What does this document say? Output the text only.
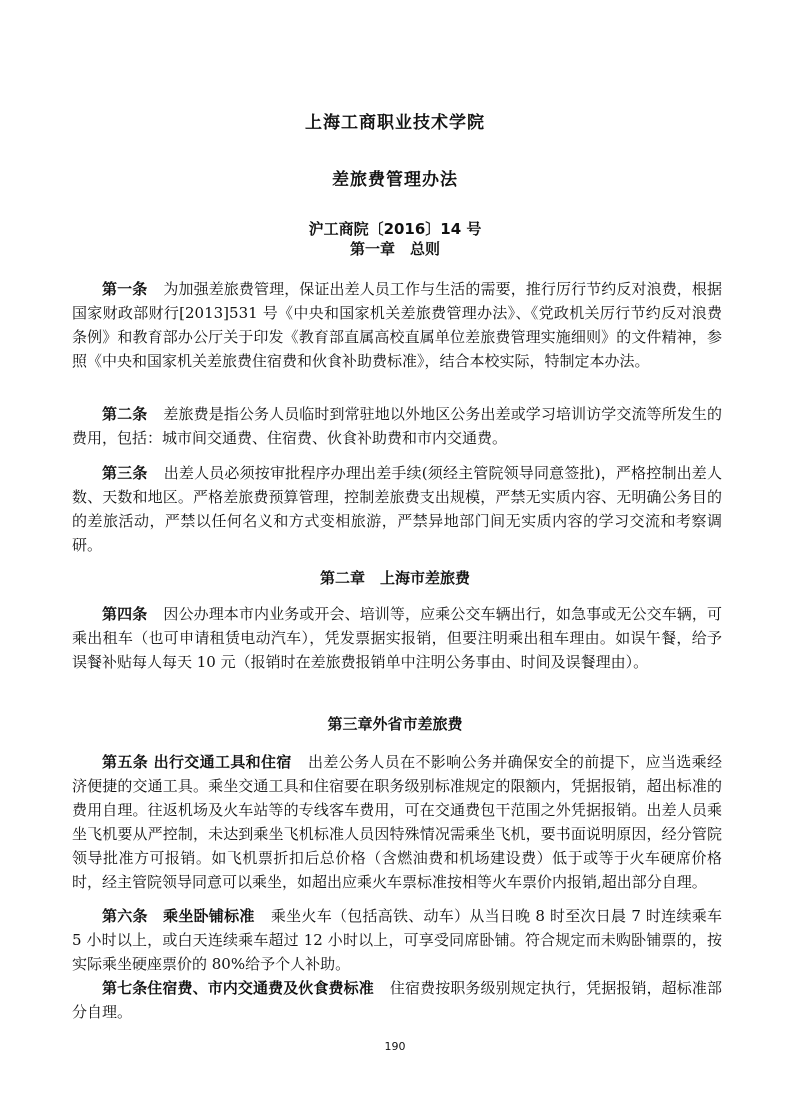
上海工商职业技术学院
差旅费管理办法
沪工商院〔2016〕14 号
第一章　总则

第一条 为加强差旅费管理，保证出差人员工作与生活的需要，推行厉行节约反对浪费，根据国家财政部财行[2013]531 号《中央和国家机关差旅费管理办法》、《党政机关厉行节约反对浪费条例》和教育部办公厅关于印发《教育部直属高校直属单位差旅费管理实施细则》的文件精神，参照《中央和国家机关差旅费住宿费和伙食补助费标准》，结合本校实际，特制定本办法。

第二条 差旅费是指公务人员临时到常驻地以外地区公务出差或学习培训访学交流等所发生的费用，包括：城市间交通费、住宿费、伙食补助费和市内交通费。

第三条 出差人员必须按审批程序办理出差手续(须经主管院领导同意签批)，严格控制出差人数、天数和地区。严格差旅费预算管理，控制差旅费支出规模，严禁无实质内容、无明确公务目的的差旅活动，严禁以任何名义和方式变相旅游，严禁异地部门间无实质内容的学习交流和考察调研。

第二章　上海市差旅费

第四条 因公办理本市内业务或开会、培训等，应乘公交车辆出行，如急事或无公交车辆，可乘出租车（也可申请租赁电动汽车），凭发票据实报销，但要注明乘出租车理由。如误午餐，给予误餐补贴每人每天 10 元（报销时在差旅费报销单中注明公务事由、时间及误餐理由）。

第三章外省市差旅费

第五条 出行交通工具和住宿 出差公务人员在不影响公务并确保安全的前提下，应当选乘经济便捷的交通工具。乘坐交通工具和住宿要在职务级别标准规定的限额内，凭据报销，超出标准的费用自理。往返机场及火车站等的专线客车费用，可在交通费包干范围之外凭据报销。出差人员乘坐飞机要从严控制，未达到乘坐飞机标准人员因特殊情况需乘坐飞机，要书面说明原因，经分管院领导批准方可报销。如飞机票折扣后总价格（含燃油费和机场建设费）低于或等于火车硬席价格时，经主管院领导同意可以乘坐，如超出应乘火车票标准按相等火车票价内报销,超出部分自理。

第六条　乘坐卧铺标准 乘坐火车（包括高铁、动车）从当日晚 8 时至次日晨 7 时连续乘车 5 小时以上，或白天连续乘车超过 12 小时以上，可享受同席卧铺。符合规定而未购卧铺票的，按实际乘坐硬座票价的 80%给予个人补助。

第七条住宿费、市内交通费及伙食费标准 住宿费按职务级别规定执行，凭据报销，超标准部分自理。

190
